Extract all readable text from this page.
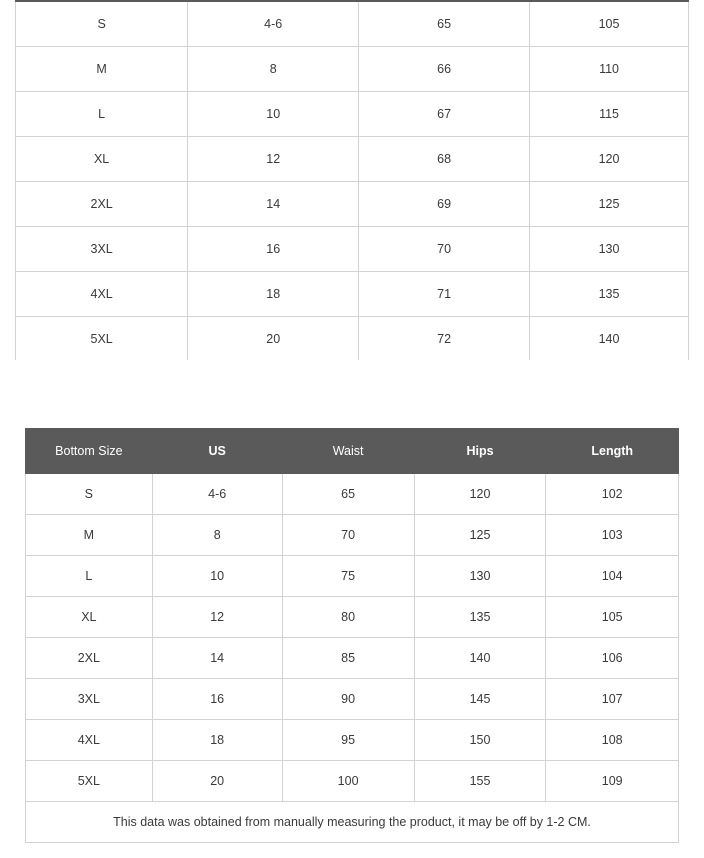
S	4-6	65	105
M	8	66	110
L	10	67	115
XL	12	68	120
2XL	14	69	125
3XL	16	70	130
4XL	18	71	135
5XL	20	72	140
Bottom Size	US	Waist	Hips	Length
S	4-6	65	120	102
M	8	70	125	103
L	10	75	130	104
XL	12	80	135	105
2XL	14	85	140	106
3XL	16	90	145	107
4XL	18	95	150	108
5XL	20	100	155	109
This data was obtained from manually measuring the product, it may be off by 1-2 CM.				
